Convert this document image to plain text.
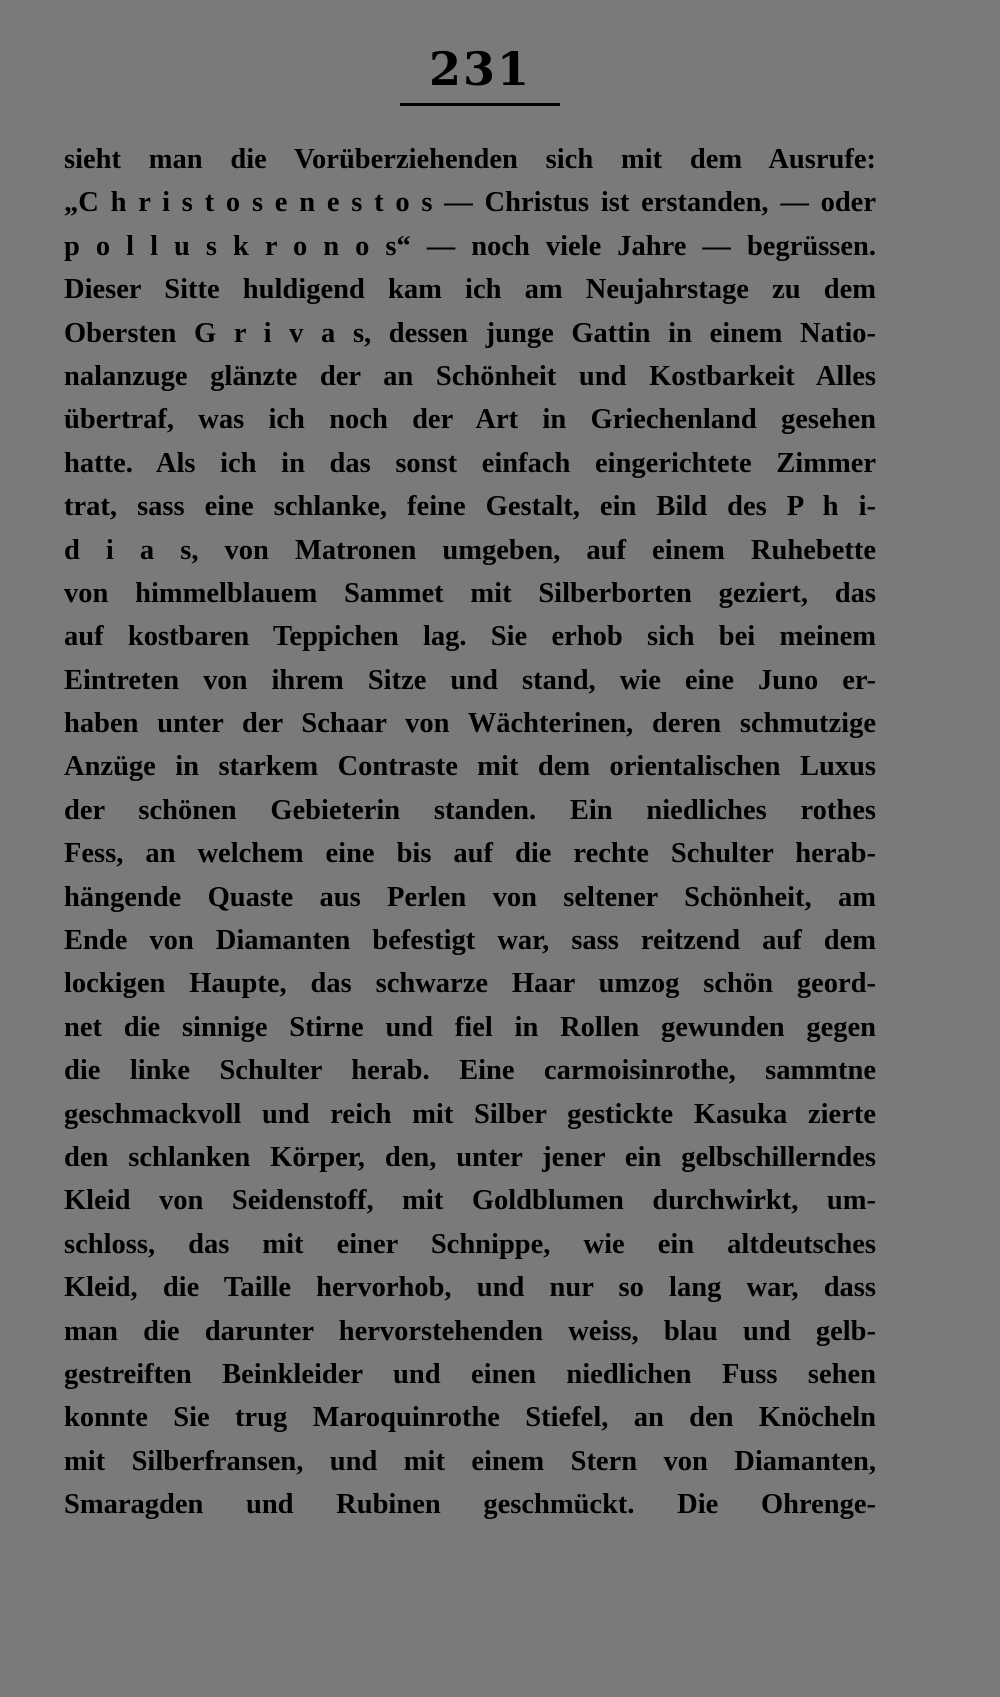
231
sieht man die Vorüberziehenden sich mit dem Ausrufe:
„C h r i s t o s e n e s t o s — Christus ist erstanden, — oder
p o l l u s k r o n o s“ — noch viele Jahre — begrüssen.
Dieser Sitte huldigend kam ich am Neujahrstage zu dem
Obersten G r i v a s, dessen junge Gattin in einem Natio-
nalanzuge glänzte der an Schönheit und Kostbarkeit Alles
übertraf, was ich noch der Art in Griechenland gesehen
hatte. Als ich in das sonst einfach eingerichtete Zimmer
trat, sass eine schlanke, feine Gestalt, ein Bild des P h i-
d i a s, von Matronen umgeben, auf einem Ruhebette
von himmelblauem Sammet mit Silberborten geziert, das
auf kostbaren Teppichen lag. Sie erhob sich bei meinem
Eintreten von ihrem Sitze und stand, wie eine Juno er-
haben unter der Schaar von Wächterinen, deren schmutzige
Anzüge in starkem Contraste mit dem orientalischen Luxus
der schönen Gebieterin standen. Ein niedliches rothes
Fess, an welchem eine bis auf die rechte Schulter herab-
hängende Quaste aus Perlen von seltener Schönheit, am
Ende von Diamanten befestigt war, sass reitzend auf dem
lockigen Haupte, das schwarze Haar umzog schön geord-
net die sinnige Stirne und fiel in Rollen gewunden gegen
die linke Schulter herab. Eine carmoisinrothe, sammtne
geschmackvoll und reich mit Silber gestickte Kasuka zierte
den schlanken Körper, den, unter jener ein gelbschillerndes
Kleid von Seidenstoff, mit Goldblumen durchwirkt, um-
schloss, das mit einer Schnippe, wie ein altdeutsches
Kleid, die Taille hervorhob, und nur so lang war, dass
man die darunter hervorstehenden weiss, blau und gelb-
gestreiften Beinkleider und einen niedlichen Fuss sehen
konnte Sie trug Maroquinrothe Stiefel, an den Knöcheln
mit Silberfransen, und mit einem Stern von Diamanten,
Smaragden und Rubinen geschmückt. Die Ohrenge-
